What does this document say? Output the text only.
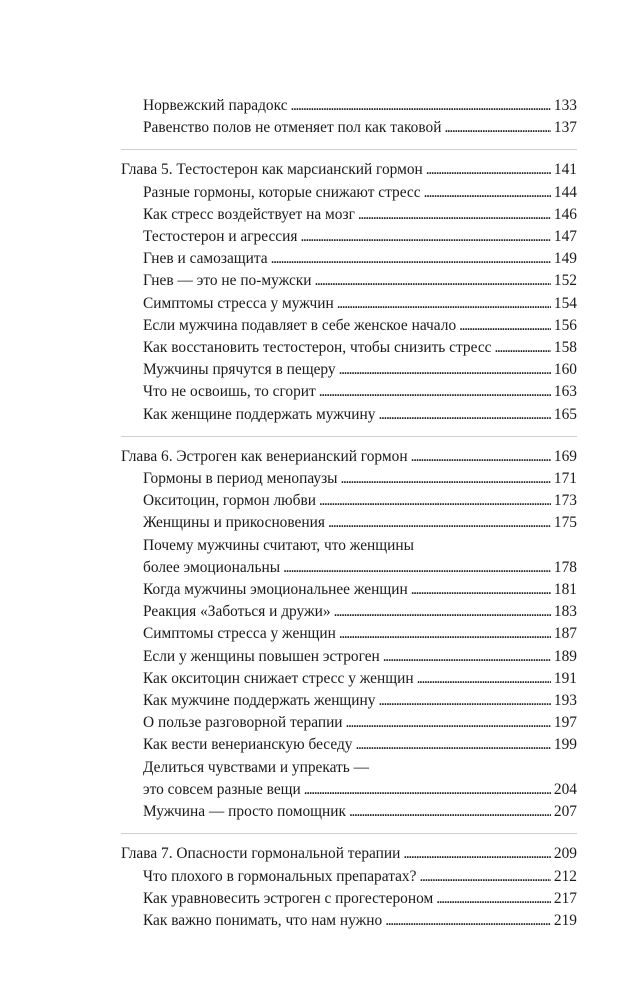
Норвежский парадокс . . .	133
Равенство полов не отменяет пол как таковой . . .	137
Глава 5. Тестостерон как марсианский гормон . . .	141
Разные гормоны, которые снижают стресс . . .	144
Как стресс воздействует на мозг . . .	146
Тестостерон и агрессия . . .	147
Гнев и самозащита . . .	149
Гнев — это не по-мужски . . .	152
Симптомы стресса у мужчин . . .	154
Если мужчина подавляет в себе женское начало . . .	156
Как восстановить тестостерон, чтобы снизить стресс . . .	158
Мужчины прячутся в пещеру . . .	160
Что не освоишь, то сгорит . . .	163
Как женщине поддержать мужчину . . .	165
Глава 6. Эстроген как венерианский гормон . . .	169
Гормоны в период менопаузы . . .	171
Окситоцин, гормон любви . . .	173
Женщины и прикосновения . . .	175
Почему мужчины считают, что женщины
более эмоциональны . . .	178
Когда мужчины эмоциональнее женщин . . .	181
Реакция «Заботься и дружи» . . .	183
Симптомы стресса у женщин . . .	187
Если у женщины повышен эстроген . . .	189
Как окситоцин снижает стресс у женщин . . .	191
Как мужчине поддержать женщину . . .	193
О пользе разговорной терапии . . .	197
Как вести венерианскую беседу . . .	199
Делиться чувствами и упрекать —
это совсем разные вещи . . .	204
Мужчина — просто помощник . . .	207
Глава 7. Опасности гормональной терапии . . .	209
Что плохого в гормональных препаратах? . . .	212
Как уравновесить эстроген с прогестероном . . .	217
Как важно понимать, что нам нужно . . .	219
